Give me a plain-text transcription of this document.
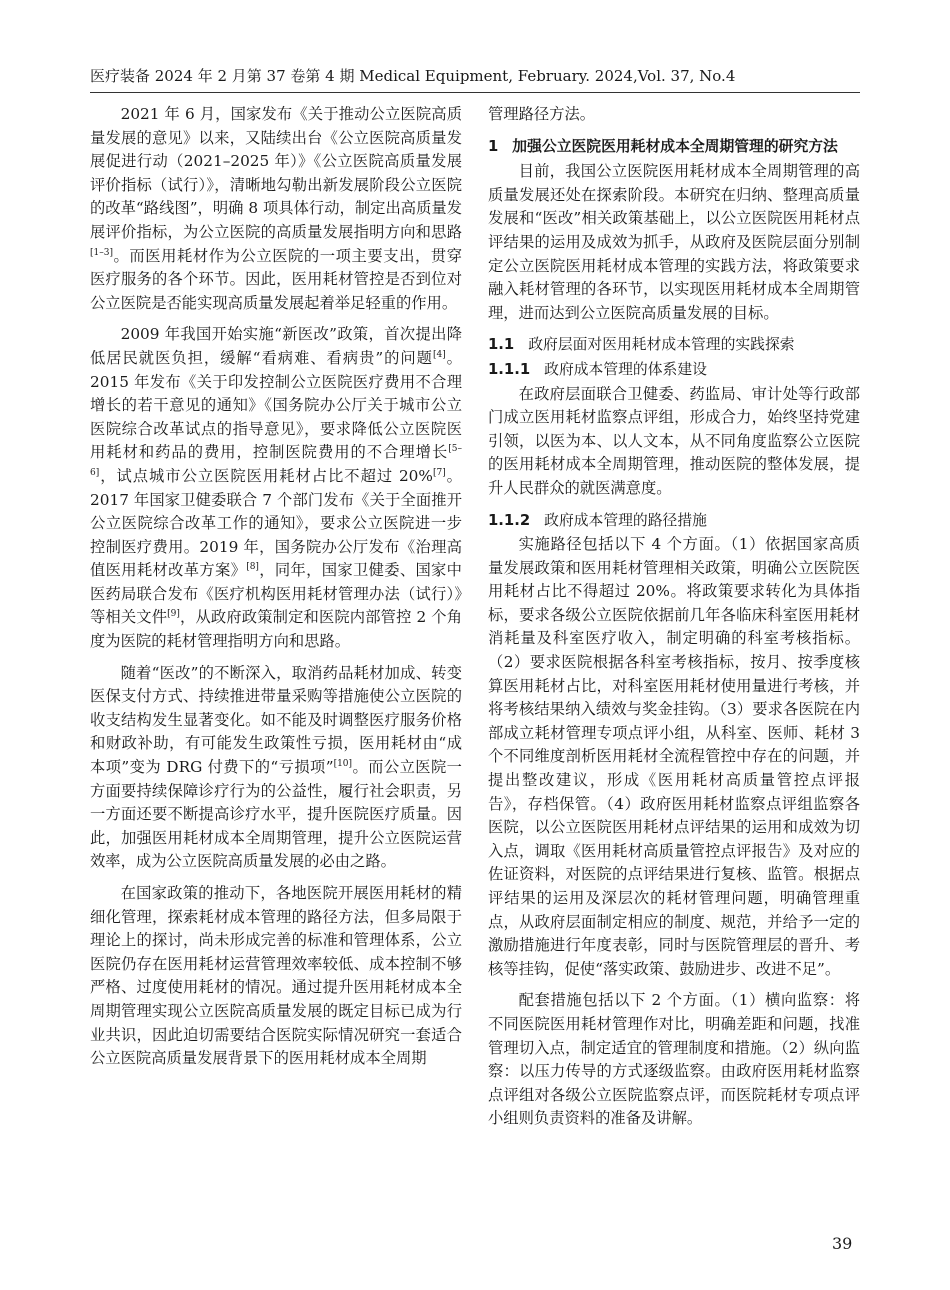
医疗装备 2024 年 2 月第 37 卷第 4 期 Medical Equipment, February. 2024,Vol. 37, No.4

2021 年 6 月，国家发布《关于推动公立医院高质量发展的意见》以来，又陆续出台《公立医院高质量发展促进行动（2021–2025 年）》《公立医院高质量发展评价指标（试行）》，清晰地勾勒出新发展阶段公立医院的改革“路线图”，明确 8 项具体行动，制定出高质量发展评价指标，为公立医院的高质量发展指明方向和思路[1–3]。而医用耗材作为公立医院的一项主要支出，贯穿医疗服务的各个环节。因此，医用耗材管控是否到位对公立医院是否能实现高质量发展起着举足轻重的作用。

2009 年我国开始实施“新医改”政策，首次提出降低居民就医负担，缓解“看病难、看病贵”的问题[4]。2015 年发布《关于印发控制公立医院医疗费用不合理增长的若干意见的通知》《国务院办公厅关于城市公立医院综合改革试点的指导意见》，要求降低公立医院医用耗材和药品的费用，控制医院费用的不合理增长[5–6]，试点城市公立医院医用耗材占比不超过 20%[7]。2017 年国家卫健委联合 7 个部门发布《关于全面推开公立医院综合改革工作的通知》，要求公立医院进一步控制医疗费用。2019 年，国务院办公厅发布《治理高值医用耗材改革方案》[8]，同年，国家卫健委、国家中医药局联合发布《医疗机构医用耗材管理办法（试行）》等相关文件[9]，从政府政策制定和医院内部管控 2 个角度为医院的耗材管理指明方向和思路。

随着“医改”的不断深入，取消药品耗材加成、转变医保支付方式、持续推进带量采购等措施使公立医院的收支结构发生显著变化。如不能及时调整医疗服务价格和财政补助，有可能发生政策性亏损，医用耗材由“成本项”变为 DRG 付费下的“亏损项”[10]。而公立医院一方面要持续保障诊疗行为的公益性，履行社会职责，另一方面还要不断提高诊疗水平，提升医院医疗质量。因此，加强医用耗材成本全周期管理，提升公立医院运营效率，成为公立医院高质量发展的必由之路。

在国家政策的推动下，各地医院开展医用耗材的精细化管理，探索耗材成本管理的路径方法，但多局限于理论上的探讨，尚未形成完善的标准和管理体系，公立医院仍存在医用耗材运营管理效率较低、成本控制不够严格、过度使用耗材的情况。通过提升医用耗材成本全周期管理实现公立医院高质量发展的既定目标已成为行业共识，因此迫切需要结合医院实际情况研究一套适合公立医院高质量发展背景下的医用耗材成本全周期

管理路径方法。

1 加强公立医院医用耗材成本全周期管理的研究方法

目前，我国公立医院医用耗材成本全周期管理的高质量发展还处在探索阶段。本研究在归纳、整理高质量发展和“医改”相关政策基础上，以公立医院医用耗材点评结果的运用及成效为抓手，从政府及医院层面分别制定公立医院医用耗材成本管理的实践方法，将政策要求融入耗材管理的各环节，以实现医用耗材成本全周期管理，进而达到公立医院高质量发展的目标。

1.1 政府层面对医用耗材成本管理的实践探索
1.1.1 政府成本管理的体系建设

在政府层面联合卫健委、药监局、审计处等行政部门成立医用耗材监察点评组，形成合力，始终坚持党建引领，以医为本、以人文本，从不同角度监察公立医院的医用耗材成本全周期管理，推动医院的整体发展，提升人民群众的就医满意度。

1.1.2 政府成本管理的路径措施

实施路径包括以下 4 个方面。（1）依据国家高质量发展政策和医用耗材管理相关政策，明确公立医院医用耗材占比不得超过 20%。将政策要求转化为具体指标，要求各级公立医院依据前几年各临床科室医用耗材消耗量及科室医疗收入，制定明确的科室考核指标。（2）要求医院根据各科室考核指标，按月、按季度核算医用耗材占比，对科室医用耗材使用量进行考核，并将考核结果纳入绩效与奖金挂钩。（3）要求各医院在内部成立耗材管理专项点评小组，从科室、医师、耗材 3 个不同维度剖析医用耗材全流程管控中存在的问题，并提出整改建议，形成《医用耗材高质量管控点评报告》，存档保管。（4）政府医用耗材监察点评组监察各医院，以公立医院医用耗材点评结果的运用和成效为切入点，调取《医用耗材高质量管控点评报告》及对应的佐证资料，对医院的点评结果进行复核、监管。根据点评结果的运用及深层次的耗材管理问题，明确管理重点，从政府层面制定相应的制度、规范，并给予一定的激励措施进行年度表彰，同时与医院管理层的晋升、考核等挂钩，促使“落实政策、鼓励进步、改进不足”。

配套措施包括以下 2 个方面。（1）横向监察：将不同医院医用耗材管理作对比，明确差距和问题，找准管理切入点，制定适宜的管理制度和措施。（2）纵向监察：以压力传导的方式逐级监察。由政府医用耗材监察点评组对各级公立医院监察点评，而医院耗材专项点评小组则负责资料的准备及讲解。

39
